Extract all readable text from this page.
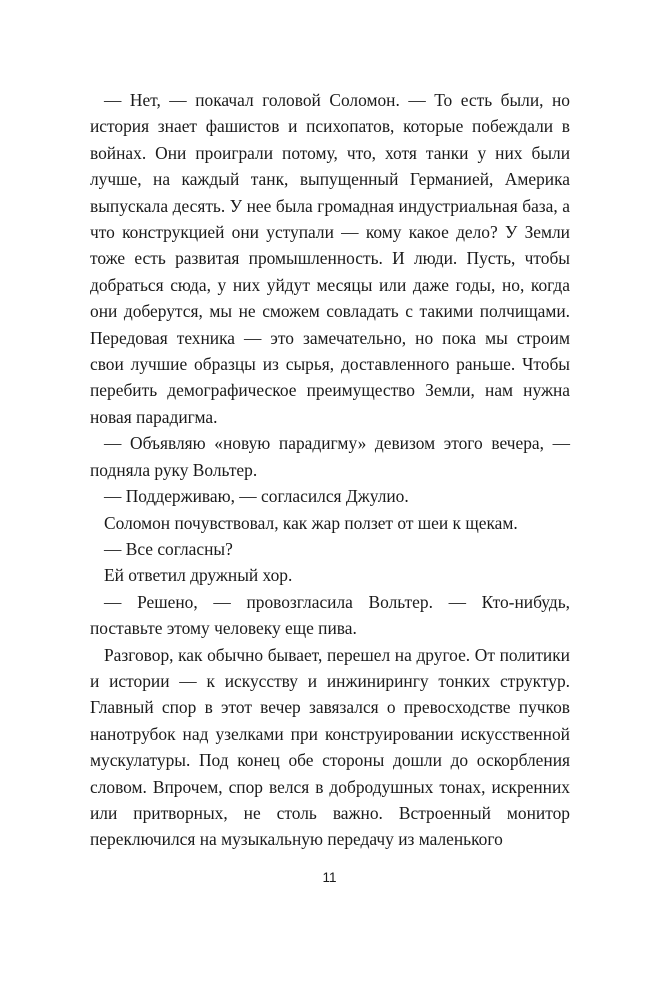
— Нет, — покачал головой Соломон. — То есть были, но история знает фашистов и психопатов, которые побеждали в войнах. Они проиграли потому, что, хотя танки у них были лучше, на каждый танк, выпущенный Германией, Америка выпускала десять. У нее была громадная индустриальная база, а что конструкцией они уступали — кому какое дело? У Земли тоже есть развитая промышленность. И люди. Пусть, чтобы добраться сюда, у них уйдут месяцы или даже годы, но, когда они доберутся, мы не сможем совладать с такими полчищами. Передовая техника — это замечательно, но пока мы строим свои лучшие образцы из сырья, доставленного раньше. Чтобы перебить демографическое преимущество Земли, нам нужна новая парадигма.

— Объявляю «новую парадигму» девизом этого вечера, — подняла руку Вольтер.

— Поддерживаю, — согласился Джулио.

Соломон почувствовал, как жар ползет от шеи к щекам.

— Все согласны?

Ей ответил дружный хор.

— Решено, — провозгласила Вольтер. — Кто-нибудь, поставьте этому человеку еще пива.

Разговор, как обычно бывает, перешел на другое. От политики и истории — к искусству и инжинирингу тонких структур. Главный спор в этот вечер завязался о превосходстве пучков нанотрубок над узелками при конструировании искусственной мускулатуры. Под конец обе стороны дошли до оскорбления словом. Впрочем, спор велся в добродушных тонах, искренних или притворных, не столь важно. Встроенный монитор переключился на музыкальную передачу из маленького

11
